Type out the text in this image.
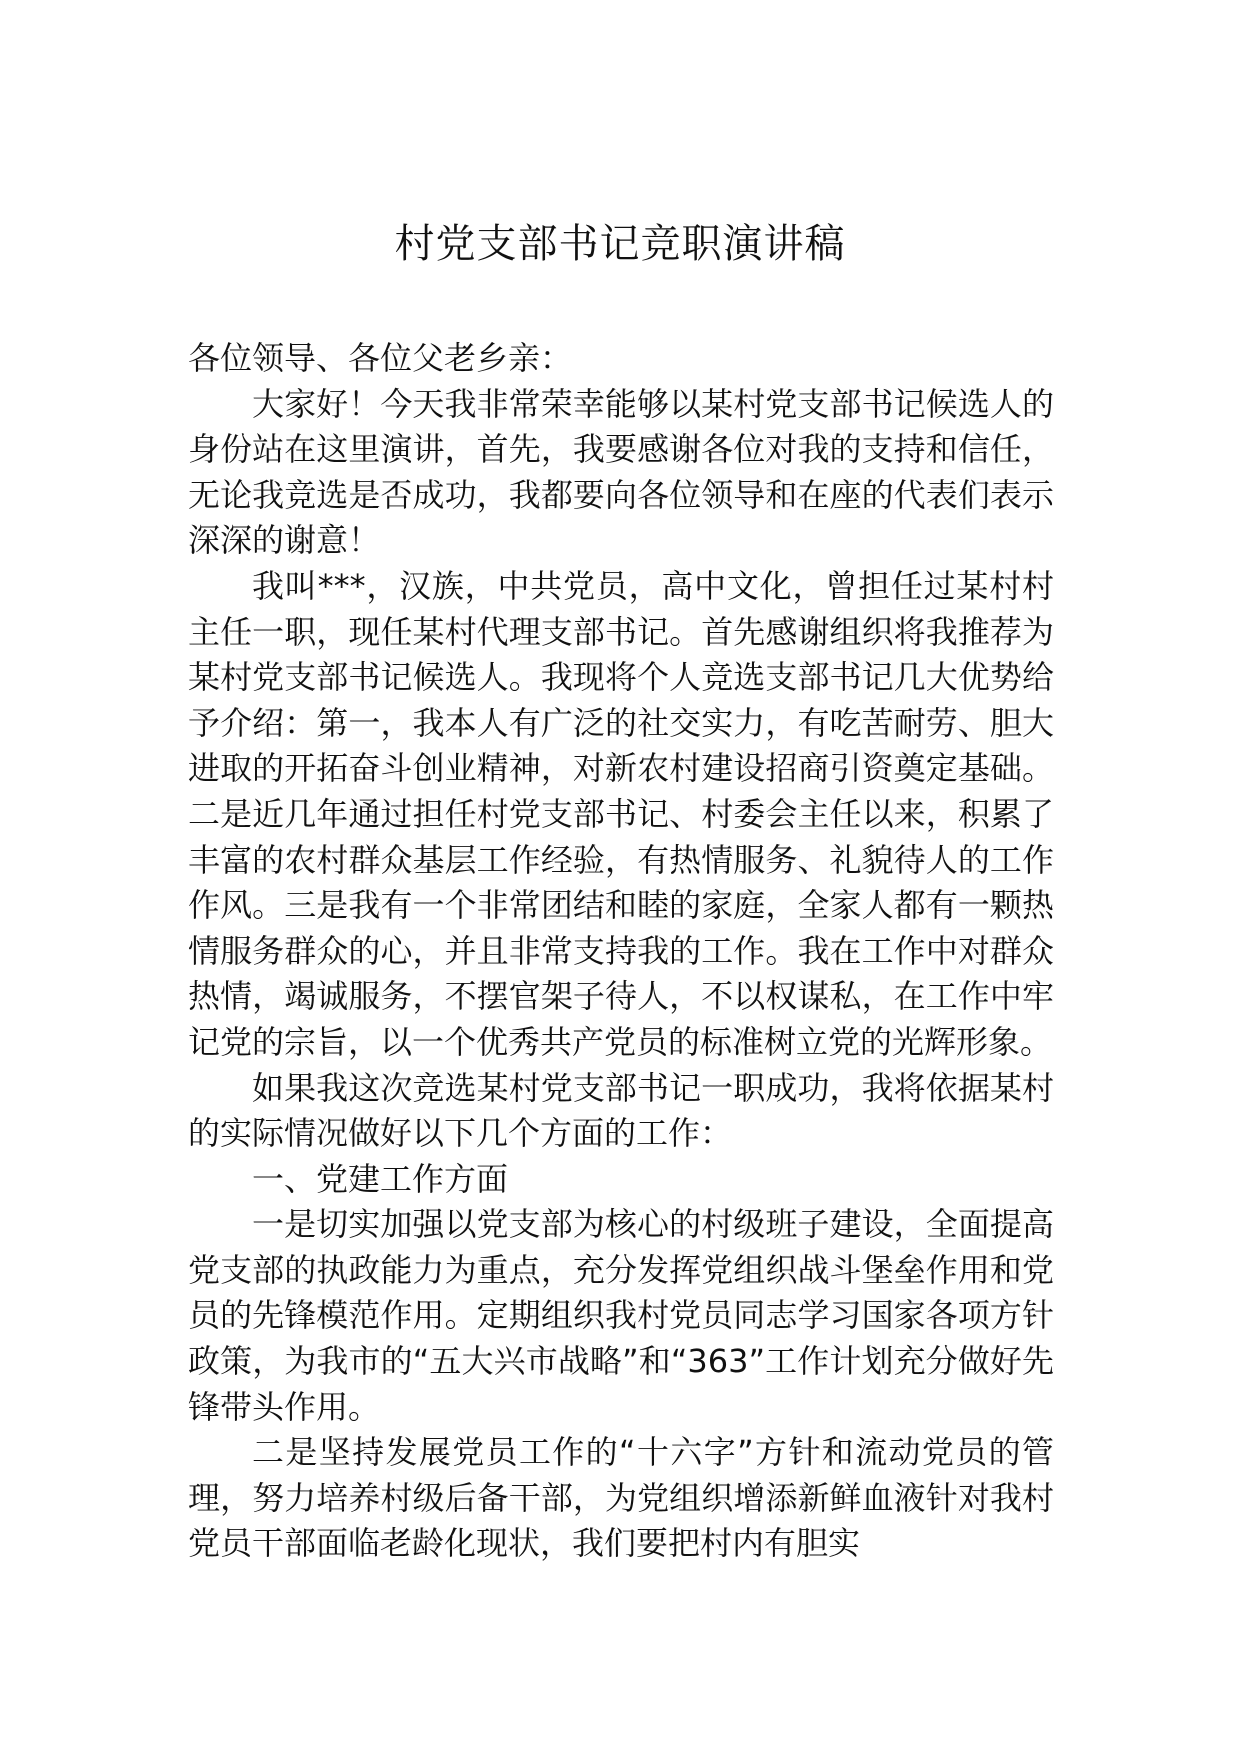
村党支部书记竞职演讲稿

各位领导、各位父老乡亲：

大家好！今天我非常荣幸能够以某村党支部书记候选人的身份站在这里演讲，首先，我要感谢各位对我的支持和信任，无论我竞选是否成功，我都要向各位领导和在座的代表们表示深深的谢意！

我叫***，汉族，中共党员，高中文化，曾担任过某村村主任一职，现任某村代理支部书记。首先感谢组织将我推荐为某村党支部书记候选人。我现将个人竞选支部书记几大优势给予介绍：第一，我本人有广泛的社交实力，有吃苦耐劳、胆大进取的开拓奋斗创业精神，对新农村建设招商引资奠定基础。二是近几年通过担任村党支部书记、村委会主任以来，积累了丰富的农村群众基层工作经验，有热情服务、礼貌待人的工作作风。三是我有一个非常团结和睦的家庭，全家人都有一颗热情服务群众的心，并且非常支持我的工作。我在工作中对群众热情，竭诚服务，不摆官架子待人，不以权谋私，在工作中牢记党的宗旨，以一个优秀共产党员的标准树立党的光辉形象。

如果我这次竞选某村党支部书记一职成功，我将依据某村的实际情况做好以下几个方面的工作：

一、党建工作方面

一是切实加强以党支部为核心的村级班子建设，全面提高党支部的执政能力为重点，充分发挥党组织战斗堡垒作用和党员的先锋模范作用。定期组织我村党员同志学习国家各项方针政策，为我市的“五大兴市战略”和“363”工作计划充分做好先锋带头作用。

二是坚持发展党员工作的“十六字”方针和流动党员的管理，努力培养村级后备干部，为党组织增添新鲜血液针对我村党员干部面临老龄化现状，我们要把村内有胆实
